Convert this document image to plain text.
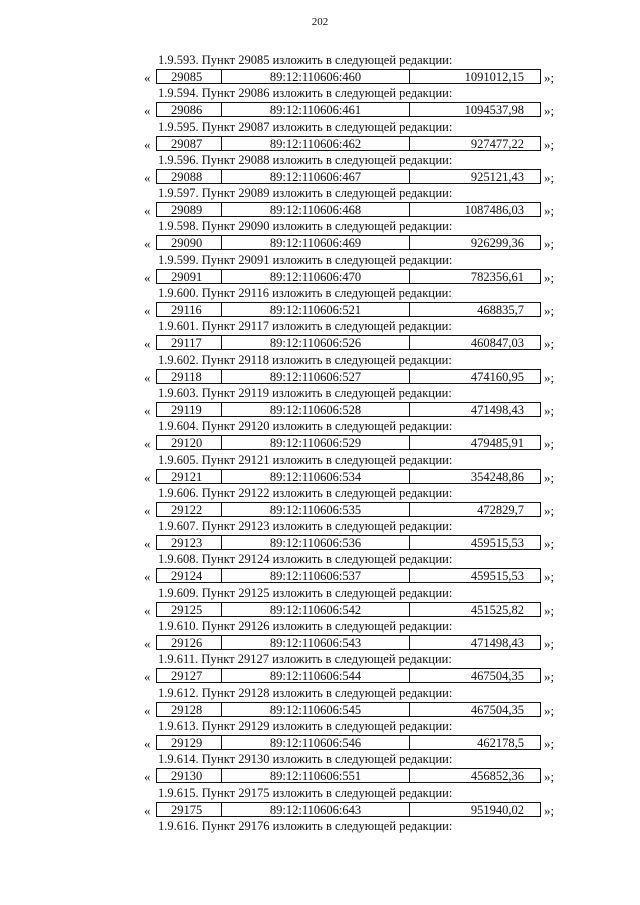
202
1.9.593. Пункт 29085 изложить в следующей редакции:
«	29085	89:12:110606:460	1091012,15	»;
1.9.594. Пункт 29086 изложить в следующей редакции:
«	29086	89:12:110606:461	1094537,98	»;
1.9.595. Пункт 29087 изложить в следующей редакции:
«	29087	89:12:110606:462	927477,22	»;
1.9.596. Пункт 29088 изложить в следующей редакции:
«	29088	89:12:110606:467	925121,43	»;
1.9.597. Пункт 29089 изложить в следующей редакции:
«	29089	89:12:110606:468	1087486,03	»;
1.9.598. Пункт 29090 изложить в следующей редакции:
«	29090	89:12:110606:469	926299,36	»;
1.9.599. Пункт 29091 изложить в следующей редакции:
«	29091	89:12:110606:470	782356,61	»;
1.9.600. Пункт 29116 изложить в следующей редакции:
«	29116	89:12:110606:521	468835,7	»;
1.9.601. Пункт 29117 изложить в следующей редакции:
«	29117	89:12:110606:526	460847,03	»;
1.9.602. Пункт 29118 изложить в следующей редакции:
«	29118	89:12:110606:527	474160,95	»;
1.9.603. Пункт 29119 изложить в следующей редакции:
«	29119	89:12:110606:528	471498,43	»;
1.9.604. Пункт 29120 изложить в следующей редакции:
«	29120	89:12:110606:529	479485,91	»;
1.9.605. Пункт 29121 изложить в следующей редакции:
«	29121	89:12:110606:534	354248,86	»;
1.9.606. Пункт 29122 изложить в следующей редакции:
«	29122	89:12:110606:535	472829,7	»;
1.9.607. Пункт 29123 изложить в следующей редакции:
«	29123	89:12:110606:536	459515,53	»;
1.9.608. Пункт 29124 изложить в следующей редакции:
«	29124	89:12:110606:537	459515,53	»;
1.9.609. Пункт 29125 изложить в следующей редакции:
«	29125	89:12:110606:542	451525,82	»;
1.9.610. Пункт 29126 изложить в следующей редакции:
«	29126	89:12:110606:543	471498,43	»;
1.9.611. Пункт 29127 изложить в следующей редакции:
«	29127	89:12:110606:544	467504,35	»;
1.9.612. Пункт 29128 изложить в следующей редакции:
«	29128	89:12:110606:545	467504,35	»;
1.9.613. Пункт 29129 изложить в следующей редакции:
«	29129	89:12:110606:546	462178,5	»;
1.9.614. Пункт 29130 изложить в следующей редакции:
«	29130	89:12:110606:551	456852,36	»;
1.9.615. Пункт 29175 изложить в следующей редакции:
«	29175	89:12:110606:643	951940,02	»;
1.9.616. Пункт 29176 изложить в следующей редакции:
